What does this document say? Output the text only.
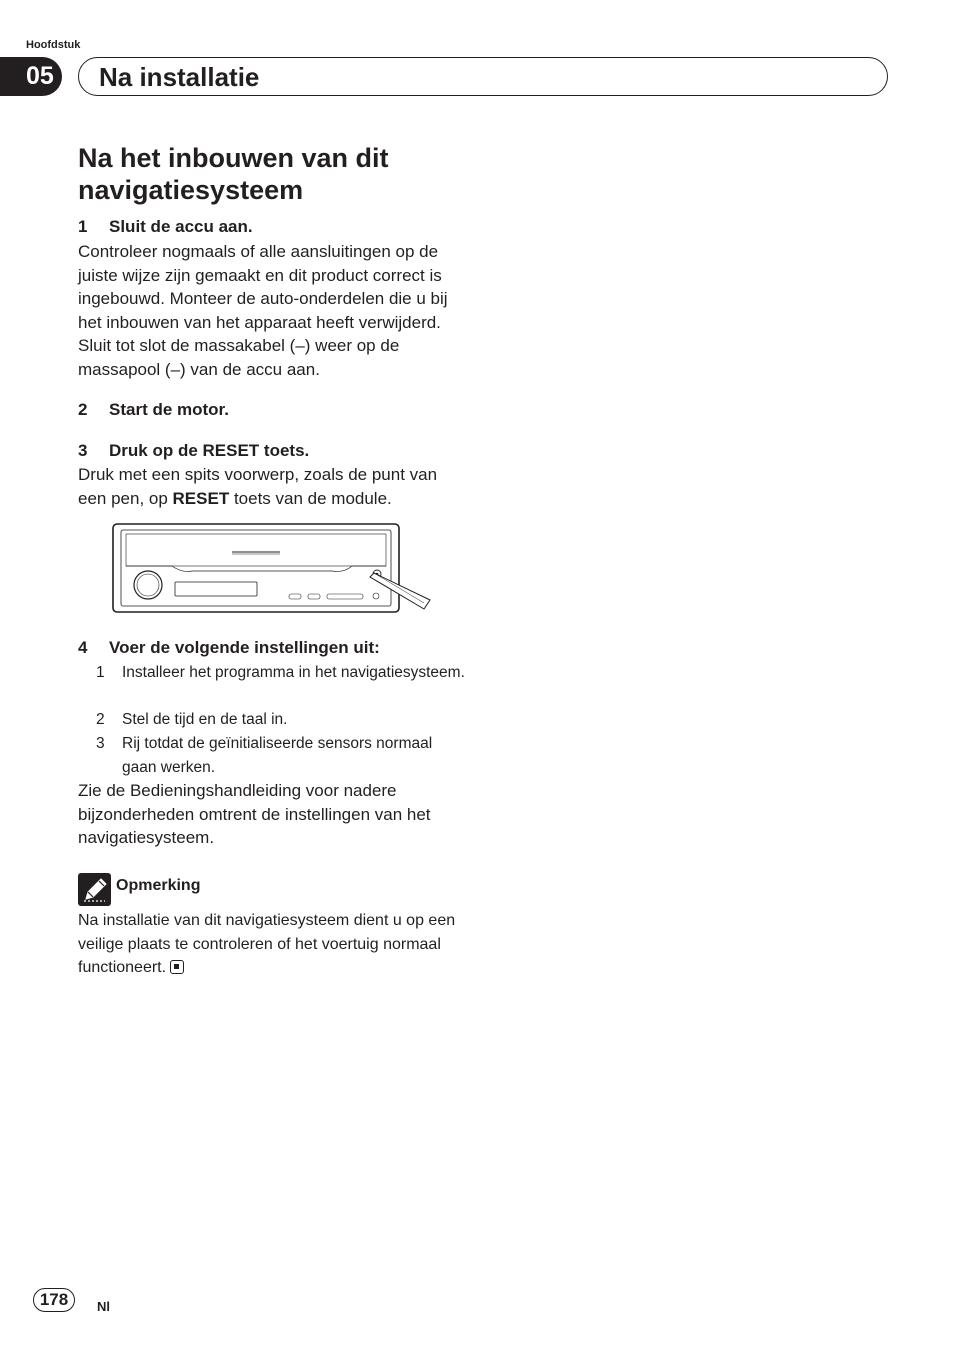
Hoofdstuk
05	Na installatie
Na het inbouwen van dit navigatiesysteem
1 Sluit de accu aan.

Controleer nogmaals of alle aansluitingen op de juiste wijze zijn gemaakt en dit product correct is ingebouwd. Monteer de auto-onderdelen die u bij het inbouwen van het apparaat heeft verwijderd. Sluit tot slot de massakabel (–) weer op de massapool (–) van de accu aan.

2 Start de motor.
3 Druk op de RESET toets.

Druk met een spits voorwerp, zoals de punt van een pen, op RESET toets van de module.

4 Voer de volgende instellingen uit:
1 Installeer het programma in het navigatiesysteem.
2 Stel de tijd en de taal in.
3 Rij totdat de geïnitialiseerde sensors normaal gaan werken.

Zie de Bedieningshandleiding voor nadere bijzonderheden omtrent de instellingen van het navigatiesysteem.

Opmerking

Na installatie van dit navigatiesysteem dient u op een veilige plaats te controleren of het voertuig normaal functioneert.

178	Nl
